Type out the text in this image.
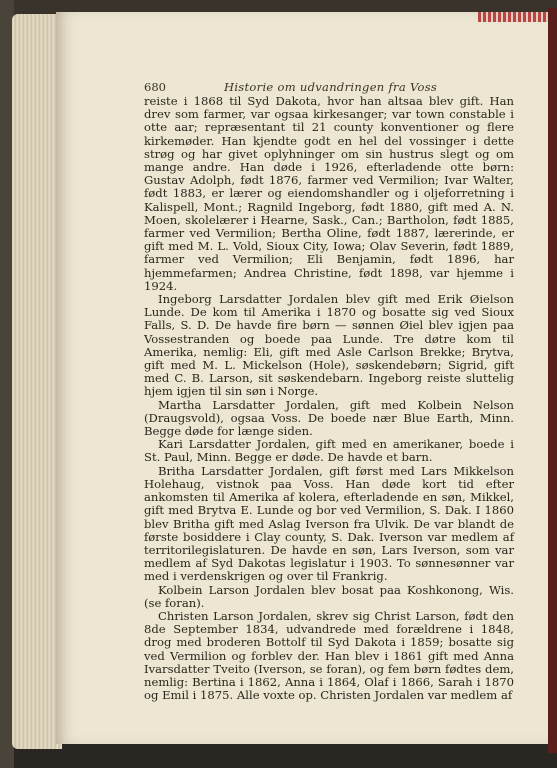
680	Historie om udvandringen fra Voss

reiste i 1868 til Syd Dakota, hvor han altsaa blev gift. Han drev som farmer, var ogsaa kirkesanger; var town constable i otte aar; repræsentant til 21 county konventioner og flere kirkemøder. Han kjendte godt en hel del vossinger i dette strøg og har givet oplyhninger om sin hustrus slegt og om mange andre. Han døde i 1926, efterladende otte børn: Gustav Adolph, født 1876, farmer ved Vermilion; Ivar Walter, født 1883, er lærer og eiendomshandler og i oljeforretning i Kalispell, Mont.; Ragnild Ingeborg, født 1880, gift med A. N. Moen, skolelærer i Hearne, Sask., Can.; Bartholon, født 1885, farmer ved Vermilion; Bertha Oline, født 1887, lærerinde, er gift med M. L. Vold, Sioux City, Iowa; Olav Severin, født 1889, farmer ved Vermilion; Eli Benjamin, født 1896, har hjemmefarmen; Andrea Christine, født 1898, var hjemme i 1924.

Ingeborg Larsdatter Jordalen blev gift med Erik Øielson Lunde. De kom til Amerika i 1870 og bosatte sig ved Sioux Falls, S. D. De havde fire børn — sønnen Øiel blev igjen paa Vossestranden og boede paa Lunde. Tre døtre kom til Amerika, nemlig: Eli, gift med Asle Carlson Brekke; Brytva, gift med M. L. Mickelson (Hole), søskendebørn; Sigrid, gift med C. B. Larson, sit søskendebarn. Ingeborg reiste sluttelig hjem igjen til sin søn i Norge.

Martha Larsdatter Jordalen, gift med Kolbein Nelson (Draugsvold), ogsaa Voss. De boede nær Blue Earth, Minn. Begge døde for længe siden.

Kari Larsdatter Jordalen, gift med en amerikaner, boede i St. Paul, Minn. Begge er døde. De havde et barn.

Britha Larsdatter Jordalen, gift først med Lars Mikkelson Holehaug, vistnok paa Voss. Han døde kort tid efter ankomsten til Amerika af kolera, efterladende en søn, Mikkel, gift med Brytva E. Lunde og bor ved Vermilion, S. Dak. I 1860 blev Britha gift med Aslag Iverson fra Ulvik. De var blandt de første bosiddere i Clay county, S. Dak. Iverson var medlem af territorilegislaturen. De havde en søn, Lars Iverson, som var medlem af Syd Dakotas legislatur i 1903. To sønnesønner var med i verdenskrigen og over til Frankrig.

Kolbein Larson Jordalen blev bosat paa Koshkonong, Wis. (se foran).

Christen Larson Jordalen, skrev sig Christ Larson, født den 8de September 1834, udvandrede med forældrene i 1848, drog med broderen Bottolf til Syd Dakota i 1859; bosatte sig ved Vermilion og forblev der. Han blev i 1861 gift med Anna Ivarsdatter Tveito (Iverson, se foran), og fem børn fødtes dem, nemlig: Bertina i 1862, Anna i 1864, Olaf i 1866, Sarah i 1870 og Emil i 1875. Alle voxte op. Christen Jordalen var medlem af
